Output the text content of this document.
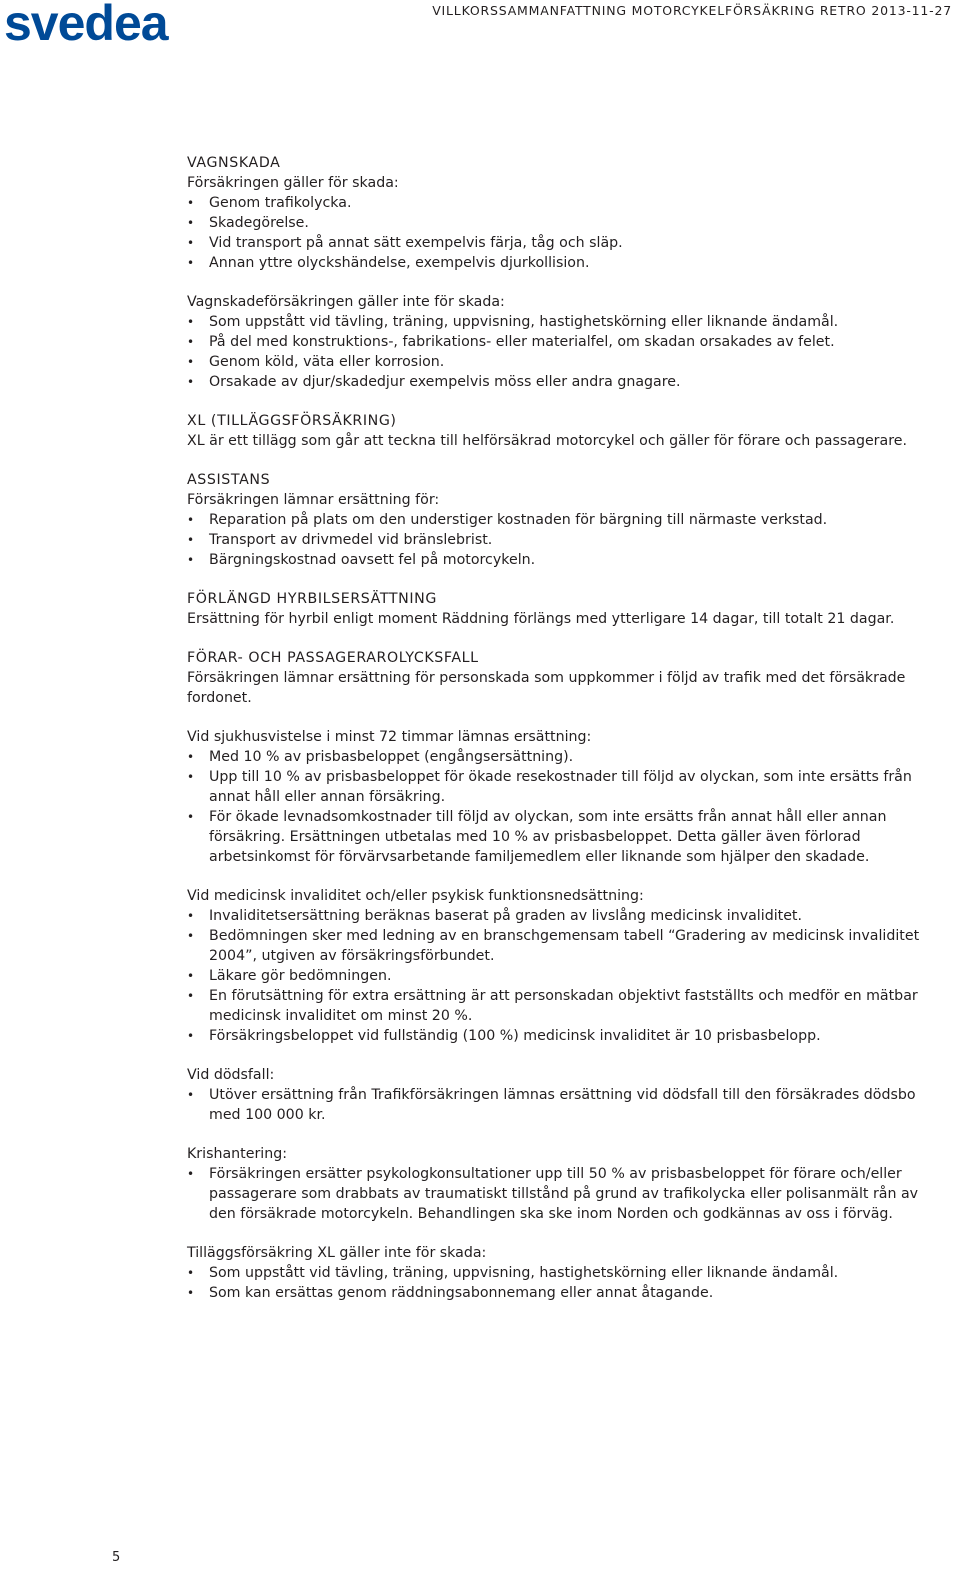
svedea	VILLKORSSAMMANFATTNING MOTORCYKELFÖRSÄKRING RETRO 2013-11-27
VAGNSKADA
Försäkringen gäller för skada:
• Genom trafikolycka.
• Skadegörelse.
• Vid transport på annat sätt exempelvis färja, tåg och släp.
• Annan yttre olyckshändelse, exempelvis djurkollision.
Vagnskadeförsäkringen gäller inte för skada:
• Som uppstått vid tävling, träning, uppvisning, hastighetskörning eller liknande ändamål.
• På del med konstruktions-, fabrikations- eller materialfel, om skadan orsakades av felet.
• Genom köld, väta eller korrosion.
• Orsakade av djur/skadedjur exempelvis möss eller andra gnagare.
XL (TILLÄGGSFÖRSÄKRING)
XL är ett tillägg som går att teckna till helförsäkrad motorcykel och gäller för förare och passagerare.
ASSISTANS
Försäkringen lämnar ersättning för:
• Reparation på plats om den understiger kostnaden för bärgning till närmaste verkstad.
• Transport av drivmedel vid bränslebrist.
• Bärgningskostnad oavsett fel på motorcykeln.
FÖRLÄNGD HYRBILSERSÄTTNING
Ersättning för hyrbil enligt moment Räddning förlängs med ytterligare 14 dagar, till totalt 21 dagar.
FÖRAR- OCH PASSAGERAROLYCKSFALL
Försäkringen lämnar ersättning för personskada som uppkommer i följd av trafik med det försäkrade fordonet.
Vid sjukhusvistelse i minst 72 timmar lämnas ersättning:
• Med 10 % av prisbasbeloppet (engångsersättning).
• Upp till 10 % av prisbasbeloppet för ökade resekostnader till följd av olyckan, som inte ersätts från annat håll eller annan försäkring.
• För ökade levnadsomkostnader till följd av olyckan, som inte ersätts från annat håll eller annan försäkring. Ersättningen utbetalas med 10 % av prisbasbeloppet. Detta gäller även förlorad arbetsinkomst för förvärvsarbetande familjemedlem eller liknande som hjälper den skadade.
Vid medicinsk invaliditet och/eller psykisk funktionsnedsättning:
• Invaliditetsersättning beräknas baserat på graden av livslång medicinsk invaliditet.
• Bedömningen sker med ledning av en branschgemensam tabell “Gradering av medicinsk invaliditet 2004”, utgiven av försäkringsförbundet.
• Läkare gör bedömningen.
• En förutsättning för extra ersättning är att personskadan objektivt fastställts och medför en mätbar medicinsk invaliditet om minst 20 %.
• Försäkringsbeloppet vid fullständig (100 %) medicinsk invaliditet är 10 prisbasbelopp.
Vid dödsfall:
• Utöver ersättning från Trafikförsäkringen lämnas ersättning vid dödsfall till den försäkrades dödsbo med 100 000 kr.
Krishantering:
• Försäkringen ersätter psykologkonsultationer upp till 50 % av prisbasbeloppet för förare och/eller passagerare som drabbats av traumatiskt tillstånd på grund av trafikolycka eller polisanmält rån av den försäkrade motorcykeln. Behandlingen ska ske inom Norden och godkännas av oss i förväg.
Tilläggsförsäkring XL gäller inte för skada:
• Som uppstått vid tävling, träning, uppvisning, hastighetskörning eller liknande ändamål.
• Som kan ersättas genom räddningsabonnemang eller annat åtagande.
5
